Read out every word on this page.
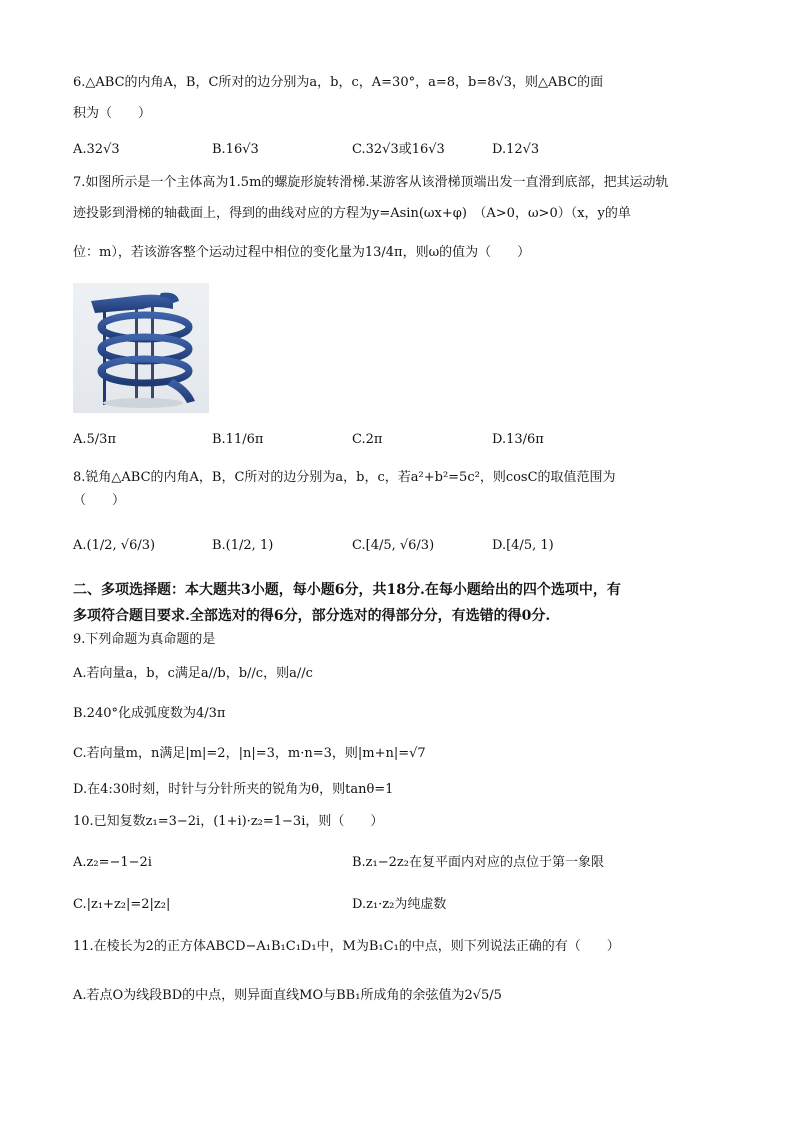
6.△ABC的内角A，B，C所对的边分别为a，b，c，A=30°，a=8，b=8√3，则△ABC的面
积为（　　）
A.32√3	B.16√3	C.32√3或16√3	D.12√3
7.如图所示是一个主体高为1.5m的螺旋形旋转滑梯.某游客从该滑梯顶端出发一直滑到底部，把其运动轨
迹投影到滑梯的轴截面上，得到的曲线对应的方程为y=Asin(ωx+φ)　（A>0，ω>0）（x，y的单
位：m），若该游客整个运动过程中相位的变化量为13/4π，则ω的值为（　　）
A.5/3π	B.11/6π	C.2π	D.13/6π
8.锐角△ABC的内角A，B，C所对的边分别为a，b，c，若a²+b²=5c²，则cosC的取值范围为
（　　）
A.(1/2, √6/3)	B.(1/2, 1)	C.[4/5, √6/3)	D.[4/5, 1)
二、多项选择题：本大题共3小题，每小题6分，共18分.在每小题给出的四个选项中，有
多项符合题目要求.全部选对的得6分，部分选对的得部分分，有选错的得0分.
9.下列命题为真命题的是
A.若向量a，b，c满足a//b，b//c，则a//c
B.240°化成弧度数为4/3π
C.若向量m，n满足|m|=2，|n|=3，m·n=3，则|m+n|=√7
D.在4:30时刻，时针与分针所夹的锐角为θ，则tanθ=1
10.已知复数z₁=3−2i，(1+i)·z₂=1−3i，则（　　）
A.z₂=−1−2i	B.z₁−2z₂在复平面内对应的点位于第一象限
C.|z₁+z₂|=2|z₂|	D.z₁·z₂为纯虚数
11.在棱长为2的正方体ABCD−A₁B₁C₁D₁中，M为B₁C₁的中点，则下列说法正确的有（　　）
A.若点O为线段BD的中点，则异面直线MO与BB₁所成角的余弦值为2√5/5
